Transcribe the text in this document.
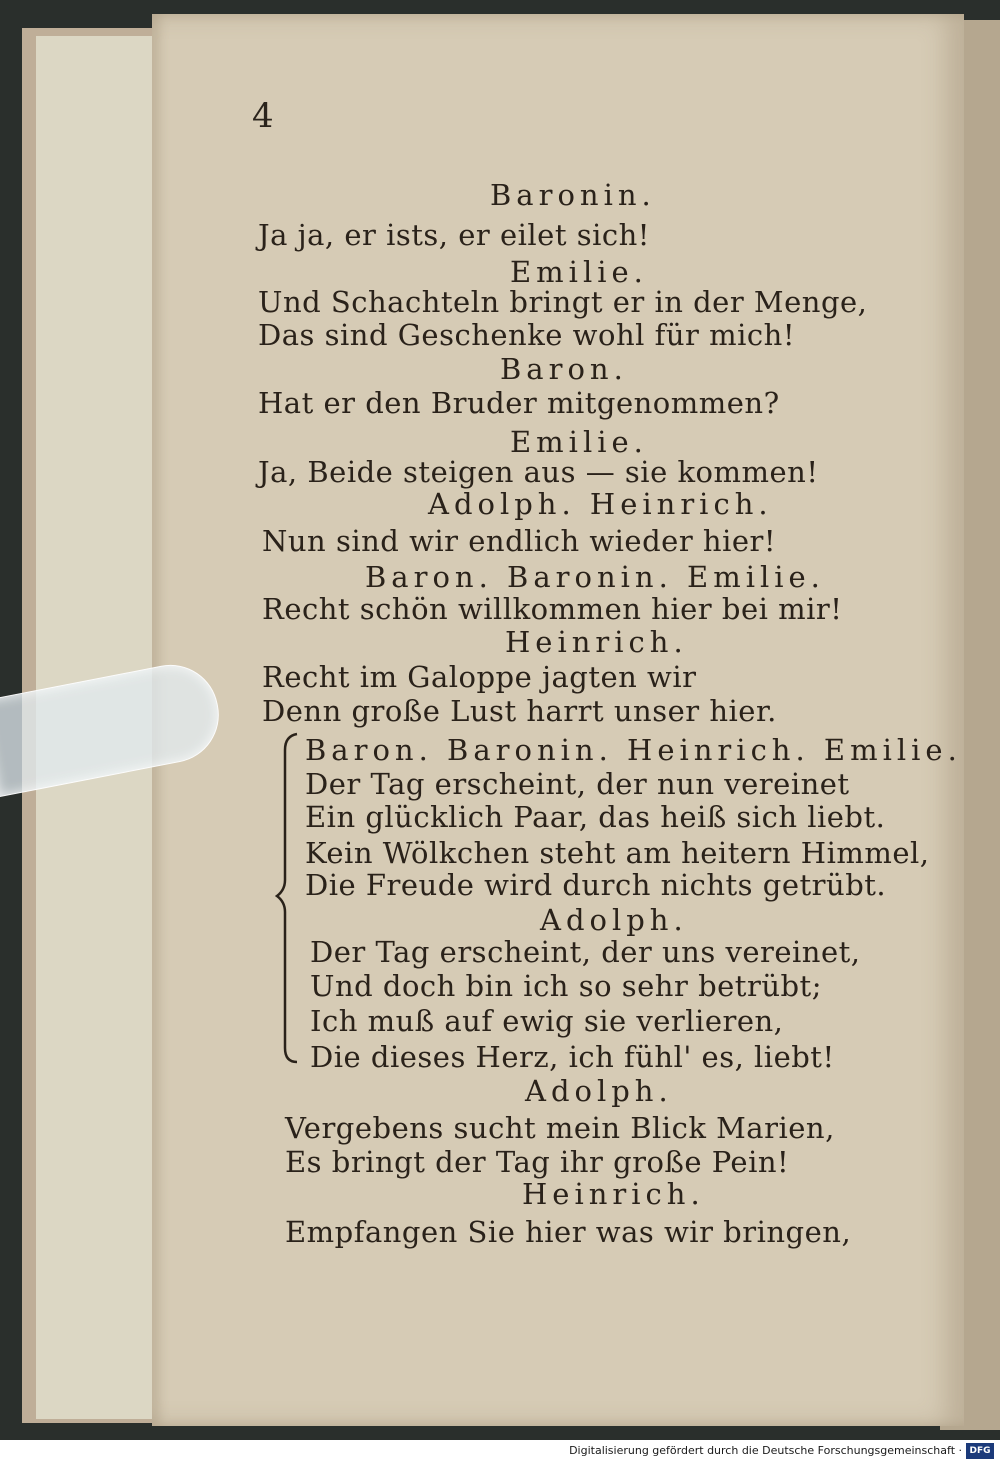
4
Baronin.
Ja ja, er ists, er eilet sich!
Emilie.
Und Schachteln bringt er in der Menge,
Das sind Geschenke wohl für mich!
Baron.
Hat er den Bruder mitgenommen?
Emilie.
Ja, Beide steigen aus — sie kommen!
Adolph. Heinrich.
Nun sind wir endlich wieder hier!
Baron. Baronin. Emilie.
Recht schön willkommen hier bei mir!
Heinrich.
Recht im Galoppe jagten wir
Denn große Lust harrt unser hier.
Baron. Baronin. Heinrich. Emilie.
Der Tag erscheint, der nun vereinet
Ein glücklich Paar, das heiß sich liebt.
Kein Wölkchen steht am heitern Himmel,
Die Freude wird durch nichts getrübt.
Adolph.
Der Tag erscheint, der uns vereinet,
Und doch bin ich so sehr betrübt;
Ich muß auf ewig sie verlieren,
Die dieses Herz, ich fühl' es, liebt!
Adolph.
Vergebens sucht mein Blick Marien,
Es bringt der Tag ihr große Pein!
Heinrich.
Empfangen Sie hier was wir bringen,
Digitalisierung gefördert durch die Deutsche Forschungsgemeinschaft · DFG
